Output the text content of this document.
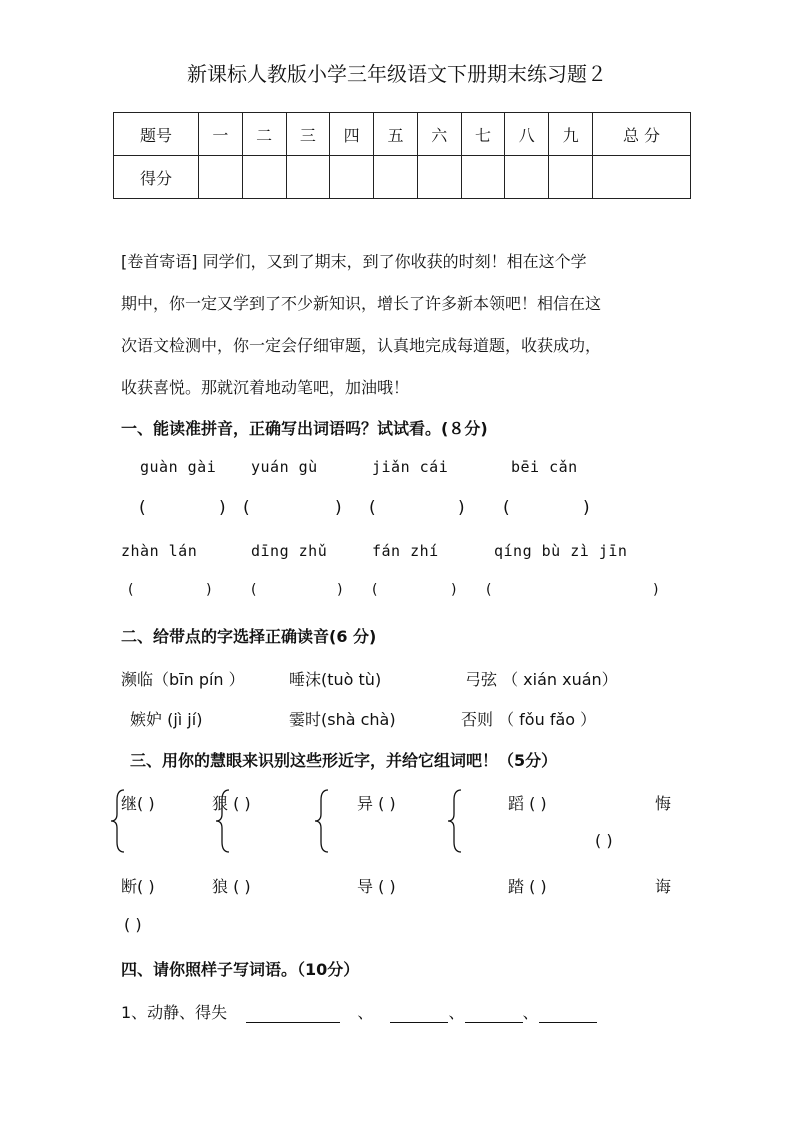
新课标人教版小学三年级语文下册期末练习题２
题号	一	二	三	四	五	六	七	八	九	总 分
得分										
[卷首寄语] 同学们，又到了期末，到了你收获的时刻！相在这个学
期中，你一定又学到了不少新知识，增长了许多新本领吧！相信在这
次语文检测中，你一定会仔细审题，认真地完成每道题，收获成功，
收获喜悦。那就沉着地动笔吧，加油哦！
一、能读准拼音，正确写出词语吗？试试看。(８分)
guàn gài yuán gù	jiǎn cái	bēi cǎn
(	) (	) (	) (	)
zhàn lán	dīng zhǔ	fán zhí	qíng bù zì jīn
(	)	(	) (	) (	)
二、给带点的字选择正确读音(6 分)
濒临（bīn pín ）	唾沫(tuò tù)	弓弦 （ xián xuán）
嫉妒 (jì jí)	霎时(shà chà)	否则 （ fǒu fǎo ）
三、用你的慧眼来识别这些形近字，并给它组词吧！（5分）
继( )	狠 ( )	异 ( )	蹈 ( )	悔
( )
断( )	狼 ( )	导 ( )	踏 ( )	诲
( )
四、请你照样子写词语。（10分）
1、动静、得失	、	、	、
